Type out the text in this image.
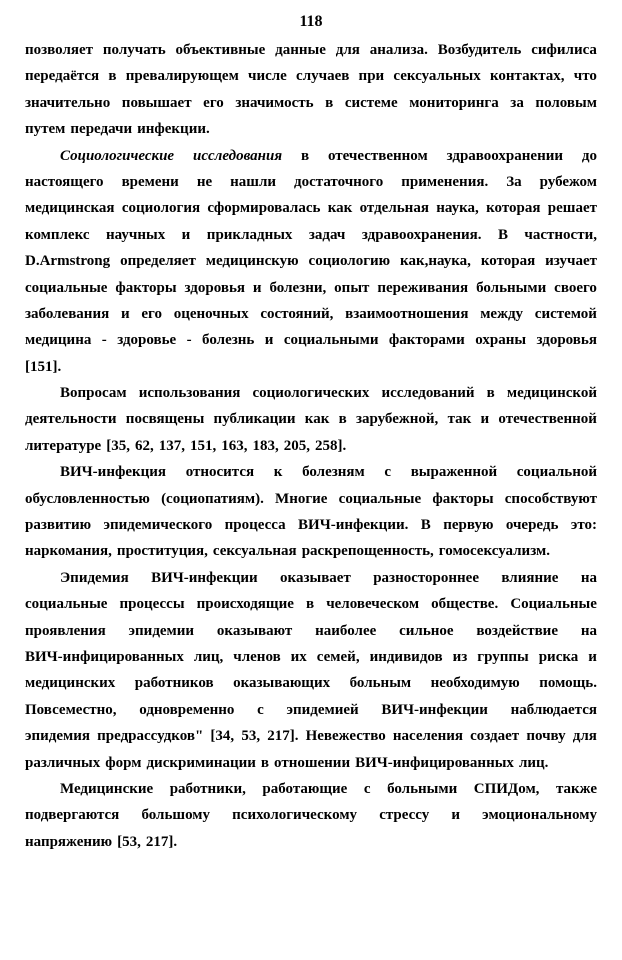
118
позволяет получать объективные данные для анализа. Возбудитель сифилиса
передаётся в превалирующем числе случаев при сексуальных контактах, что
значительно повышает его значимость в системе мониторинга за половым
путем передачи инфекции.
Социологические исследования в отечественном здравоохранении до
настоящего времени не нашли достаточного применения. За рубежом
медицинская социология сформировалась как отдельная наука, которая решает
комплекс научных и прикладных задач здравоохранения. В частности,
D.Armstrong определяет медицинскую социологию как,наука, которая изучает
социальные факторы здоровья и болезни, опыт переживания больными своего
заболевания и его оценочных состояний, взаимоотношения между системой
медицина - здоровье - болезнь и социальными факторами охраны здоровья
[151].
Вопросам использования социологических исследований в медицинской
деятельности посвящены публикации как в зарубежной, так и отечественной
литературе [35, 62, 137, 151, 163, 183, 205, 258].
ВИЧ-инфекция относится к болезням с выраженной социальной
обусловленностью (социопатиям). Многие социальные факторы способствуют
развитию эпидемического процесса ВИЧ-инфекции. В первую очередь это:
наркомания, проституция, сексуальная раскрепощенность, гомосексуализм.
Эпидемия ВИЧ-инфекции оказывает разностороннее влияние на
социальные процессы происходящие в человеческом обществе. Социальные
проявления эпидемии оказывают наиболее сильное воздействие на
ВИЧ-инфицированных лиц, членов их семей, индивидов из группы риска и
медицинских работников оказывающих больным необходимую помощь.
Повсеместно, одновременно с эпидемией ВИЧ-инфекции наблюдается
эпидемия предрассудков" [34, 53, 217]. Невежество населения создает почву для
различных форм дискриминации в отношении ВИЧ-инфицированных лиц.
Медицинские работники, работающие с больными СПИДом, также
подвергаются большому психологическому стрессу и эмоциональному
напряжению [53, 217].
